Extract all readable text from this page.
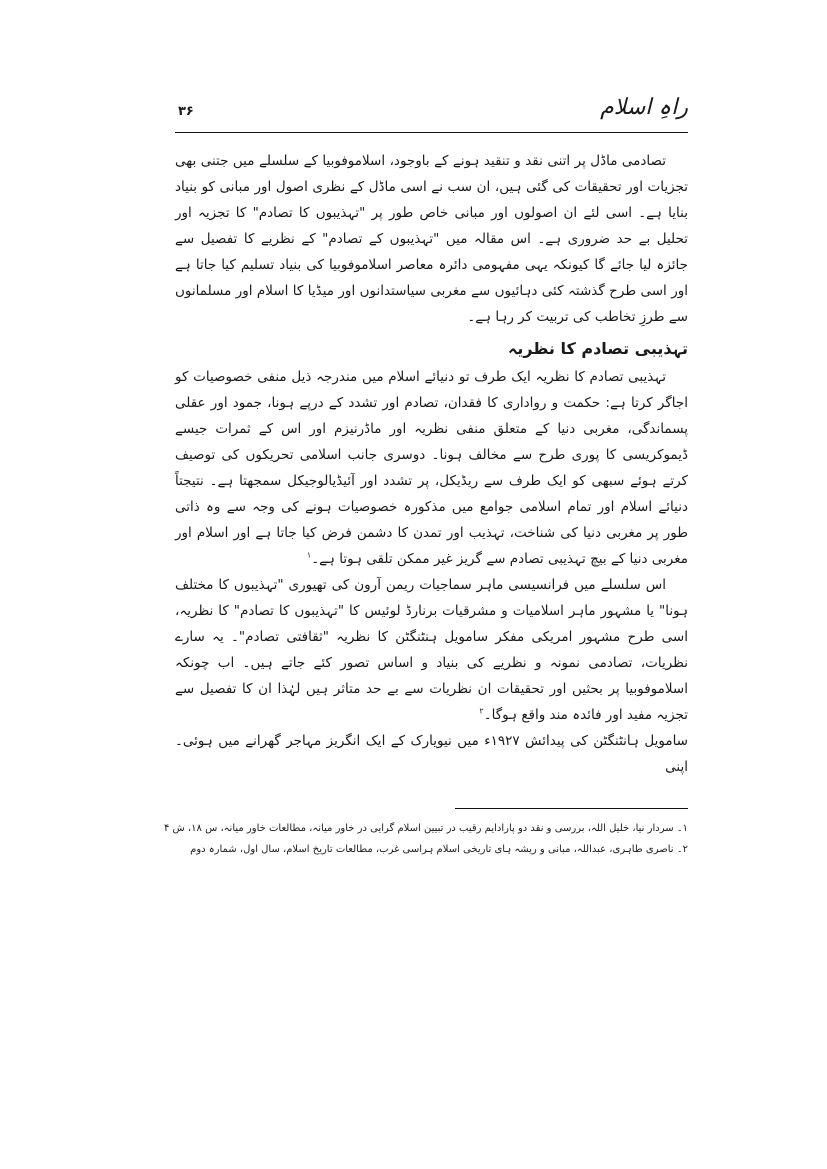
راہِ اسلام
۳۶

تصادمی ماڈل پر اتنی نقد و تنقید ہونے کے باوجود، اسلاموفوبیا کے سلسلے میں جتنی بھی تجزیات اور تحقیقات کی گئی ہیں، ان سب نے اسی ماڈل کے نظری اصول اور مبانی کو بنیاد بنایا ہے۔ اسی لئے ان اصولوں اور مبانی خاص طور پر "تہذیبوں کا تصادم" کا تجزیہ اور تحلیل بے حد ضروری ہے۔ اس مقالہ میں "تہذیبوں کے تصادم" کے نظریے کا تفصیل سے جائزہ لیا جائے گا کیونکہ یہی مفہومی دائرہ معاصر اسلاموفوبیا کی بنیاد تسلیم کیا جاتا ہے اور اسی طرح گذشتہ کئی دہائیوں سے مغربی سیاستدانوں اور میڈیا کا اسلام اور مسلمانوں سے طرزِ تخاطب کی تربیت کر رہا ہے۔

تہذیبی تصادم کا نظریہ

تہذیبی تصادم کا نظریہ ایک طرف تو دنیائے اسلام میں مندرجہ ذیل منفی خصوصیات کو اجاگر کرتا ہے: حکمت و رواداری کا فقدان، تصادم اور تشدد کے درپے ہونا، جمود اور عقلی پسماندگی، مغربی دنیا کے متعلق منفی نظریہ اور ماڈرنیزم اور اس کے ثمرات جیسے ڈیموکریسی کا پوری طرح سے مخالف ہونا۔ دوسری جانب اسلامی تحریکوں کی توصیف کرتے ہوئے سبھی کو ایک طرف سے ریڈیکل، پر تشدد اور آئیڈیالوجیکل سمجھتا ہے۔ نتیجتاً دنیائے اسلام اور تمام اسلامی جوامع میں مذکورہ خصوصیات ہونے کی وجہ سے وہ ذاتی طور پر مغربی دنیا کی شناخت، تہذیب اور تمدن کا دشمن فرض کیا جاتا ہے اور اسلام اور مغربی دنیا کے بیچ تہذیبی تصادم سے گریز غیر ممکن تلقی ہوتا ہے۔$^۱$

اس سلسلے میں فرانسیسی ماہر سماجیات ریمن آرون کی تھیوری "تہذیبوں کا مختلف ہونا" یا مشہور ماہر اسلامیات و مشرقیات برنارڈ لوئیس کا "تہذیبوں کا تصادم" کا نظریہ، اسی طرح مشہور امریکی مفکر سامویل ہنٹنگٹن کا نظریہ "ثقافتی تصادم"۔ یہ سارے نظریات، تصادمی نمونہ و نظریے کی بنیاد و اساس تصور کئے جاتے ہیں۔ اب چونکہ اسلاموفوبیا پر بحثیں اور تحقیقات ان نظریات سے بے حد متاثر ہیں لہٰذا ان کا تفصیل سے تجزیہ مفید اور فائدہ مند واقع ہوگا۔$^۲$

سامویل ہانٹنگٹن کی پیدائش ۱۹۲۷ء میں نیویارک کے ایک انگریز مہاجر گھرانے میں ہوئی۔ اپنی

۱۔ سردار نیا، خلیل اللہ، بررسی و نقد دو پارادایم رقیب در تبیین اسلام گرایی در خاور میانہ، مطالعات خاور میانہ، س ۱۸، ش ۴

۲۔ ناصری طاہری، عبداللہ، مبانی و ریشہ ہای تاریخی اسلام ہراسی غرب، مطالعات تاریخ اسلام، سال اول، شمارہ دوم
